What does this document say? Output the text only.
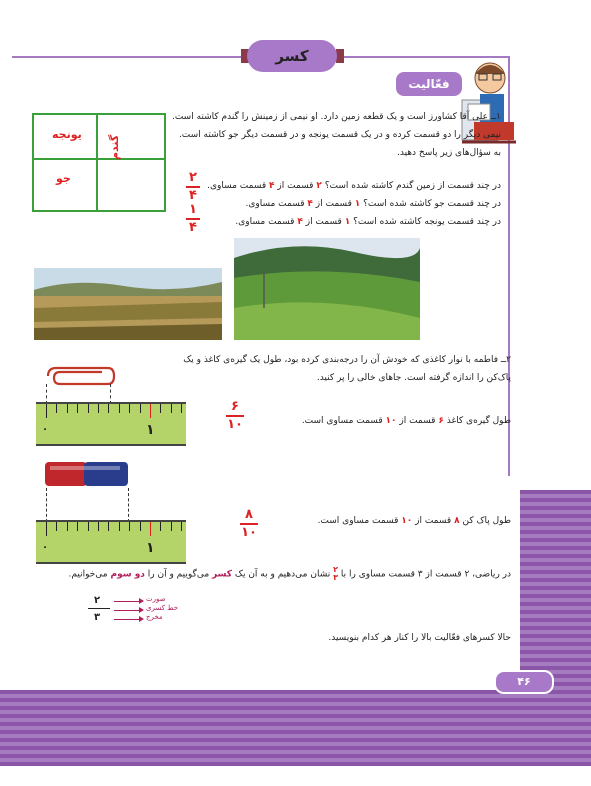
کسر
فعّالیت
یونجه
جو
گندم
۱ــ علی آقا کشاورز است و یک قطعه زمین دارد. او نیمی از زمینش را گندم کاشته است.
نیمی دیگر را دو قسمت کرده و در یک قسمت یونجه و در قسمت دیگر جو کاشته است.
به سؤال‌های زیر پاسخ دهید.
در چند قسمت از زمین گندم کاشته شده است؟ ۲ قسمت از ۴ قسمت مساوی.
۲
۴
در چند قسمت جو کاشته شده است؟ ۱ قسمت از ۴ قسمت مساوی.
۱
۴	در چند قسمت یونجه کاشته شده است؟ ۱ قسمت از ۴ قسمت مساوی.
۲ــ فاطمه با نوار کاغذی که خودش آن را درجه‌بندی کرده بود، طول یک گیره‌ی کاغذ و یک
پاک‌کن را اندازه گرفته است. جاهای خالی را پر کنید.
۰	۱
طول گیره‌ی کاغذ ۶ قسمت از ۱۰ قسمت مساوی است.
۶
۱۰
۰	۱
طول پاک کن ۸ قسمت از ۱۰ قسمت مساوی است.
۸
۱۰
در ریاضی، ۲ قسمت از ۳ قسمت مساوی را با ۲
۳ نشان می‌دهیم و به آن یک کسر می‌گوییم و آن را دو سوم می‌خوانیم.
۲
۳
صورت
خط کسری
مخرج
حالا کسرهای فعّالیت بالا را کنار هر کدام بنویسید.
۴۶
